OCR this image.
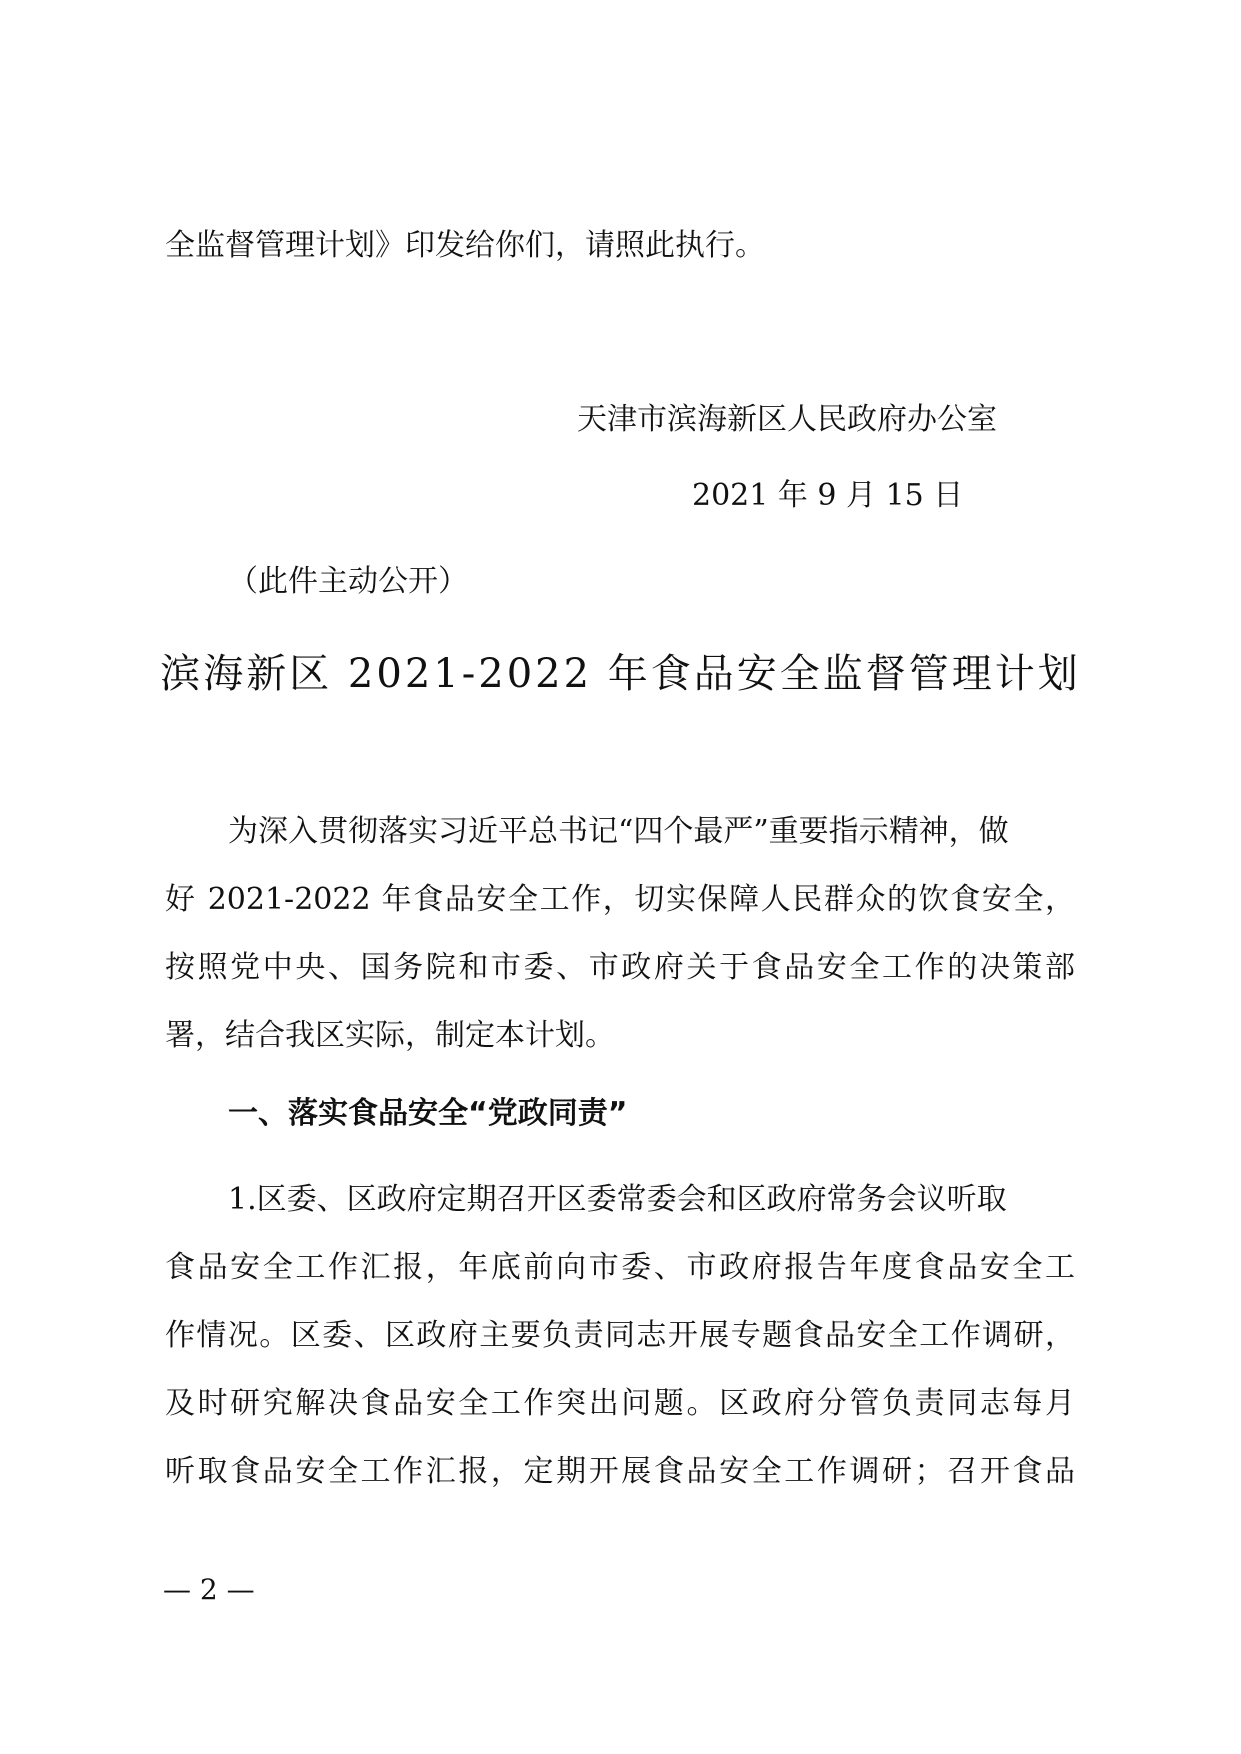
全监督管理计划》印发给你们，请照此执行。
天津市滨海新区人民政府办公室
2021 年 9 月 15 日
（此件主动公开）
滨海新区 2021-2022 年食品安全监督管理计划
为深入贯彻落实习近平总书记“四个最严”重要指示精神，做
好 2021-2022 年食品安全工作，切实保障人民群众的饮食安全，
按照党中央、国务院和市委、市政府关于食品安全工作的决策部
署，结合我区实际，制定本计划。
一、落实食品安全“党政同责”
1.区委、区政府定期召开区委常委会和区政府常务会议听取
食品安全工作汇报，年底前向市委、市政府报告年度食品安全工
作情况。区委、区政府主要负责同志开展专题食品安全工作调研，
及时研究解决食品安全工作突出问题。区政府分管负责同志每月
听取食品安全工作汇报，定期开展食品安全工作调研；召开食品
— 2 —
